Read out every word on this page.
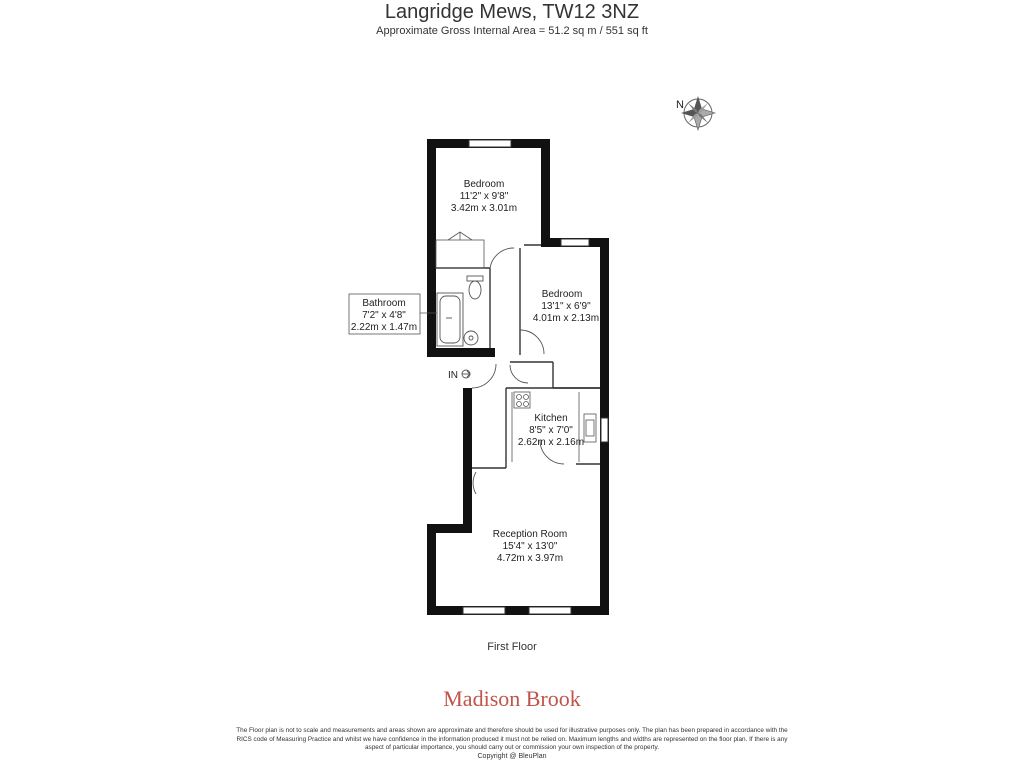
Langridge Mews, TW12 3NZ
Approximate Gross Internal Area = 51.2 sq m / 551 sq ft
N
IN
Bedroom
11'2" x 9'8"
3.42m x 3.01m
Bedroom
13'1" x 6'9"
4.01m x 2.13m
Bathroom
7'2" x 4'8"
2.22m x 1.47m
Kitchen
8'5" x 7'0"
2.62m x 2.16m
Reception Room
15'4" x 13'0"
4.72m x 3.97m
First Floor
Madison Brook
The Floor plan is not to scale and measurements and areas shown are approximate and therefore should be used for illustrative purposes only. The plan has been prepared in accordance with the RICS code of Measuring Practice and whilst we have confidence in the information produced it must not be relied on. Maximum lengths and widths are represented on the floor plan. If there is any aspect of particular importance, you should carry out or commission your own inspection of the property.
Copyright @ BleuPlan
